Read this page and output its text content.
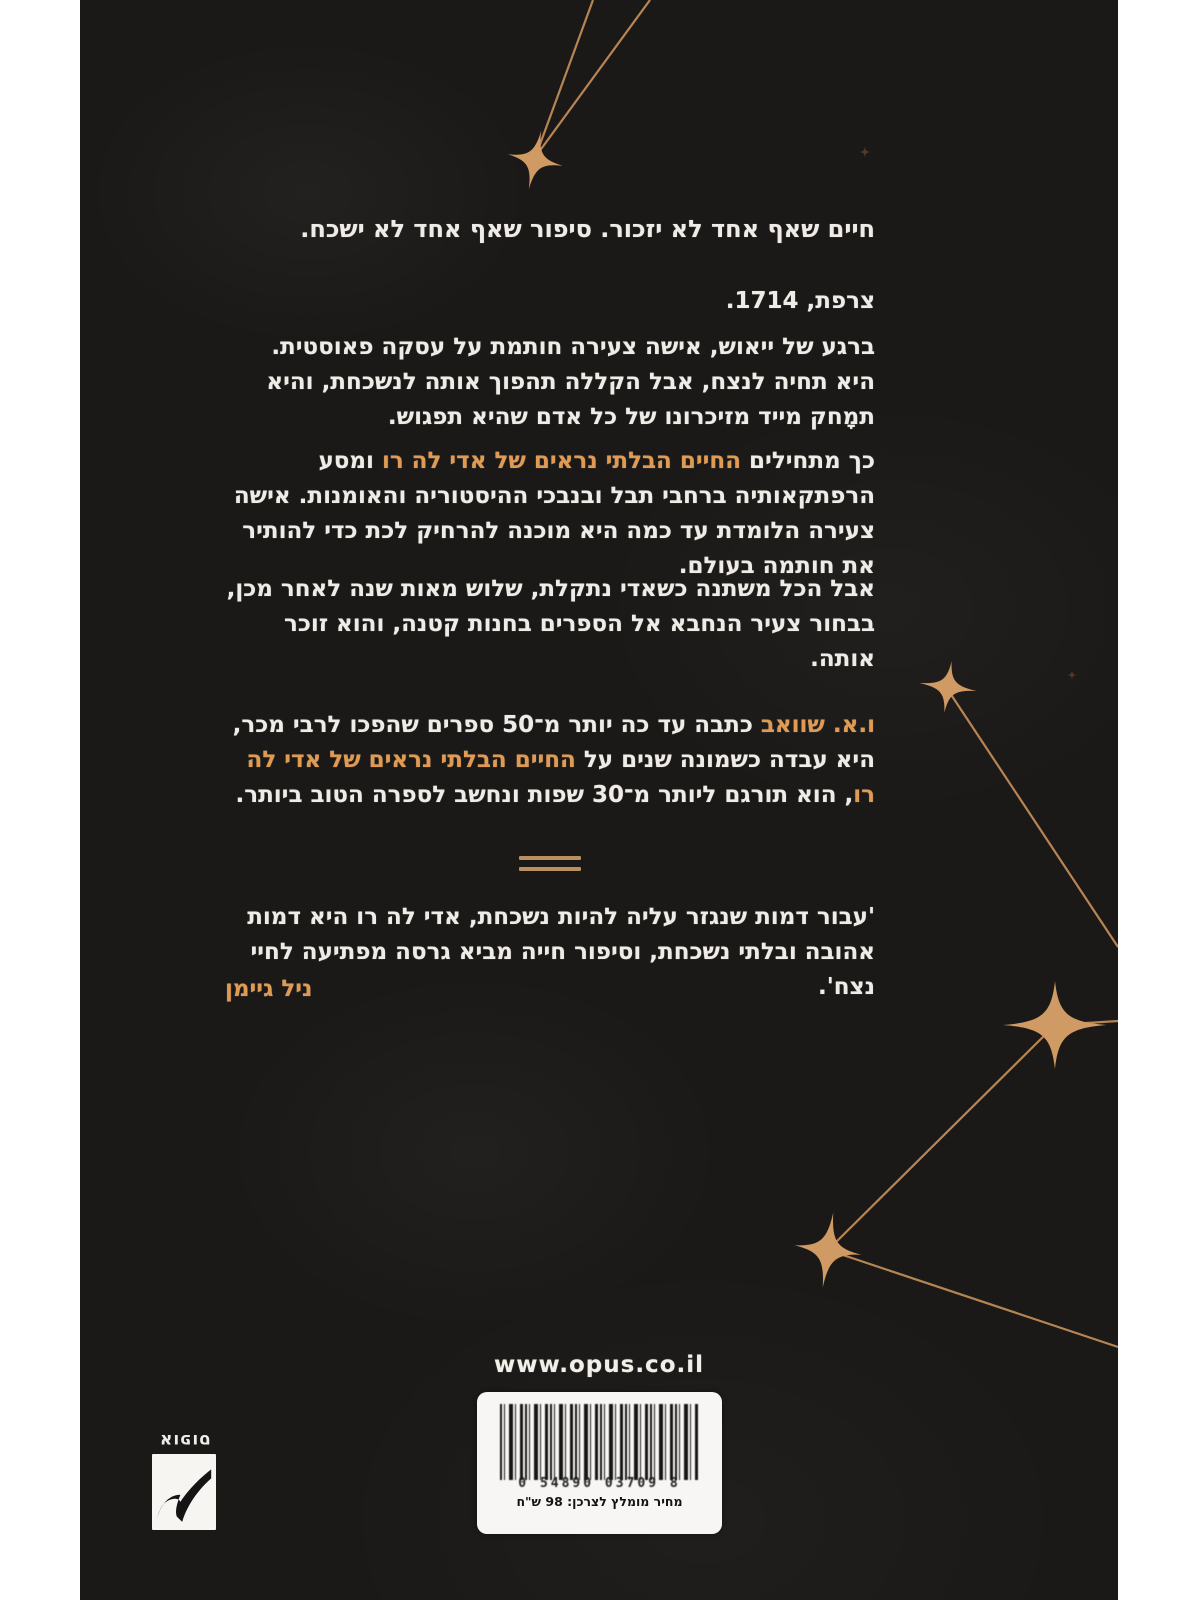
חיים שאף אחד לא יזכור. סיפור שאף אחד לא ישכח.

צרפת, 1714.

ברגע של ייאוש, אישה צעירה חותמת על עסקה פאוסטית. היא תחיה לנצח, אבל הקללה תהפוך אותה לנשכחת, והיא תמָחק מייד מזיכרונו של כל אדם שהיא תפגוש.

כך מתחילים החיים הבלתי נראים של אדי לה רו ומסע הרפתקאותיה ברחבי תבל ובנבכי ההיסטוריה והאומנות. אישה צעירה הלומדת עד כמה היא מוכנה להרחיק לכת כדי להותיר את חותמה בעולם.

אבל הכל משתנה כשאדי נתקלת, שלוש מאות שנה לאחר מכן, בבחור צעיר הנחבא אל הספרים בחנות קטנה, והוא זוכר אותה.

ו.א. שוואב כתבה עד כה יותר מ־50 ספרים שהפכו לרבי מכר, היא עבדה כשמונה שנים על החיים הבלתי נראים של אדי לה רו, הוא תורגם ליותר מ־30 שפות ונחשב לספרה הטוב ביותר.

'עבור דמות שנגזר עליה להיות נשכחת, אדי לה רו היא דמות אהובה ובלתי נשכחת, וסיפור חייה מביא גרסה מפתיעה לחיי נצח'.

ניל גיימן

www.opus.co.il
0 54890 03709 8
מחיר מומלץ לצרכן: 98 ש"ח
אופוס
